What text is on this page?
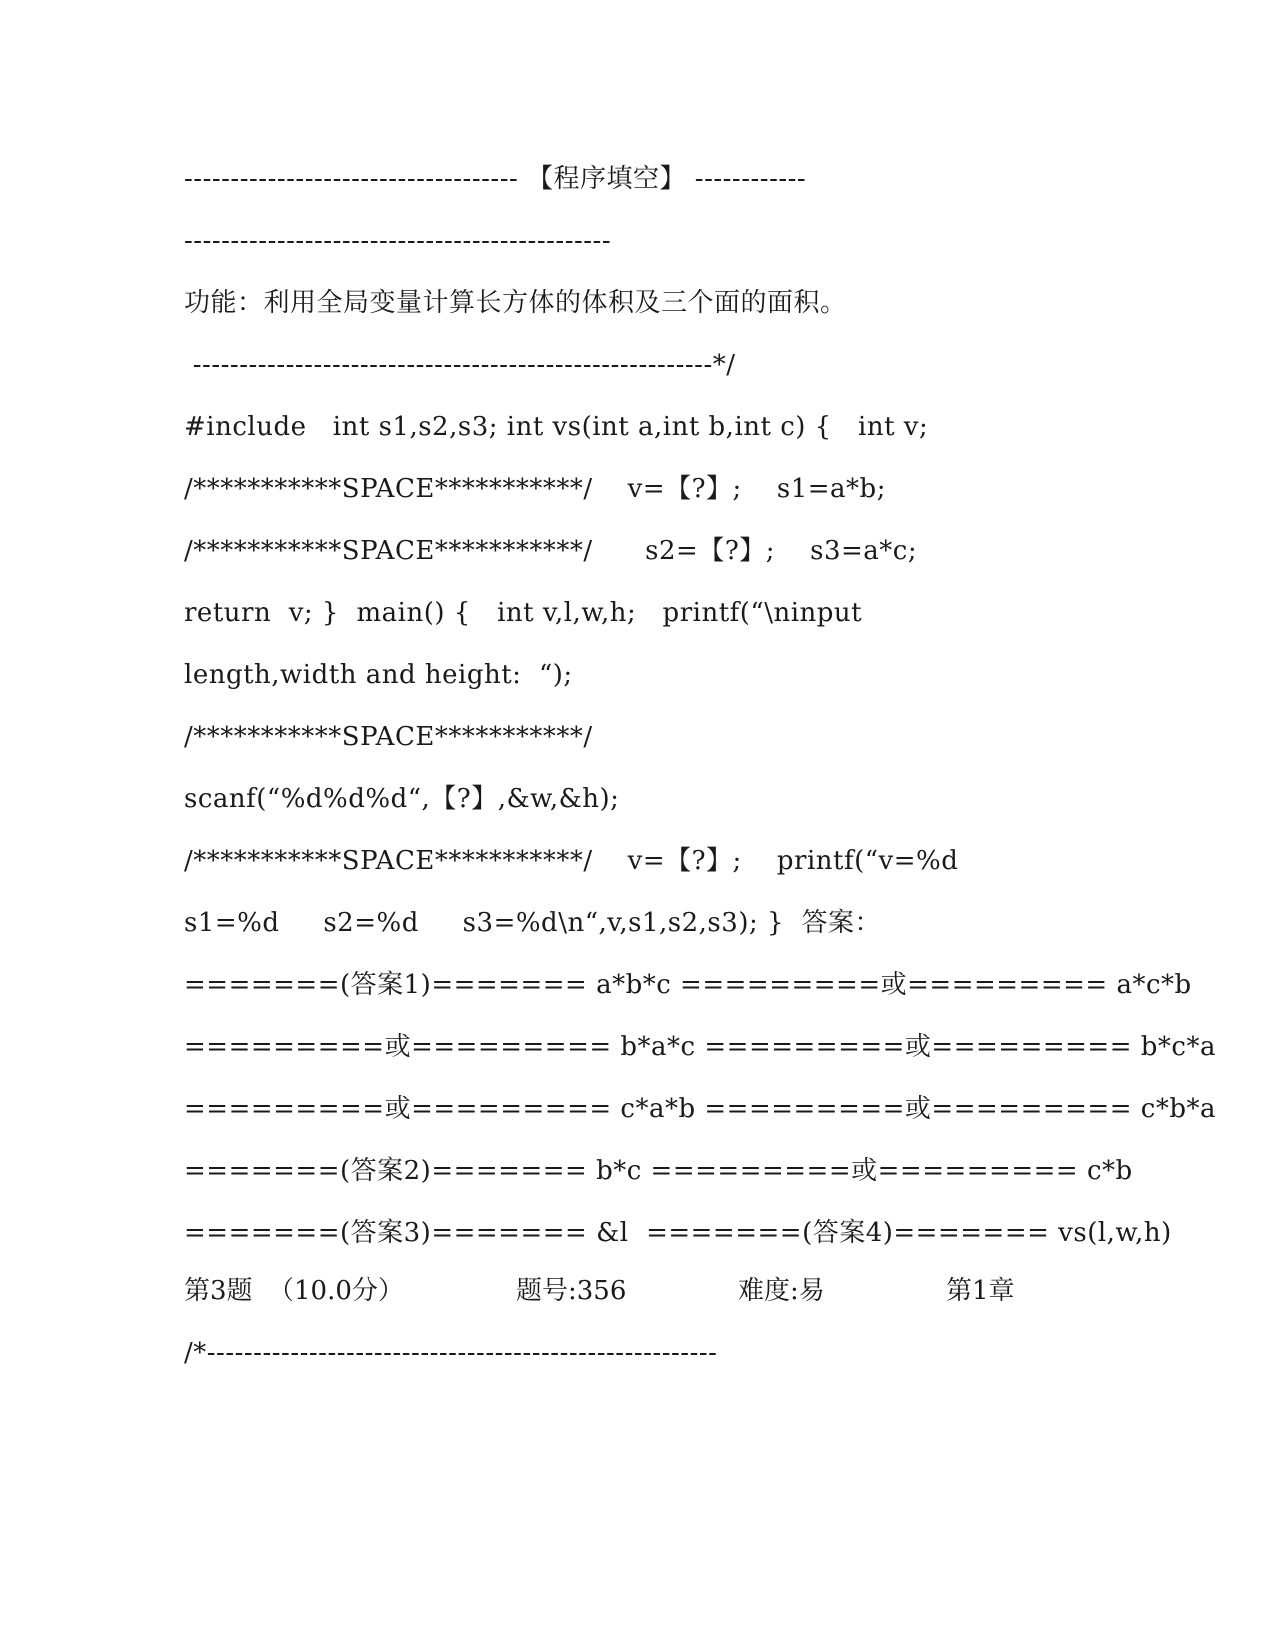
------------------------------------ 【程序填空】 ------------
----------------------------------------------
功能：利用全局变量计算长方体的体积及三个面的面积。
--------------------------------------------------------*/
#include   int s1,s2,s3; int vs(int a,int b,int c) {   int v;
/***********SPACE***********/    v=【?】;    s1=a*b;
/***********SPACE***********/      s2=【?】;    s3=a*c;
return  v; }  main() {   int v,l,w,h;   printf(“\ninput
length,width and height:  “);
/***********SPACE***********/
scanf(“%d%d%d“,【?】,&w,&h);
/***********SPACE***********/    v=【?】;    printf(“v=%d
s1=%d     s2=%d     s3=%d\n“,v,s1,s2,s3); }  答案：
=======(答案1)======= a*b*c =========或========= a*c*b
=========或========= b*a*c =========或========= b*c*a
=========或========= c*a*b =========或========= c*b*a
=======(答案2)======= b*c =========或========= c*b
=======(答案3)======= &l  =======(答案4)======= vs(l,w,h)

第3题

（10.0分）

	题号:356

	难度:易

	第1章

/*-------------------------------------------------------
